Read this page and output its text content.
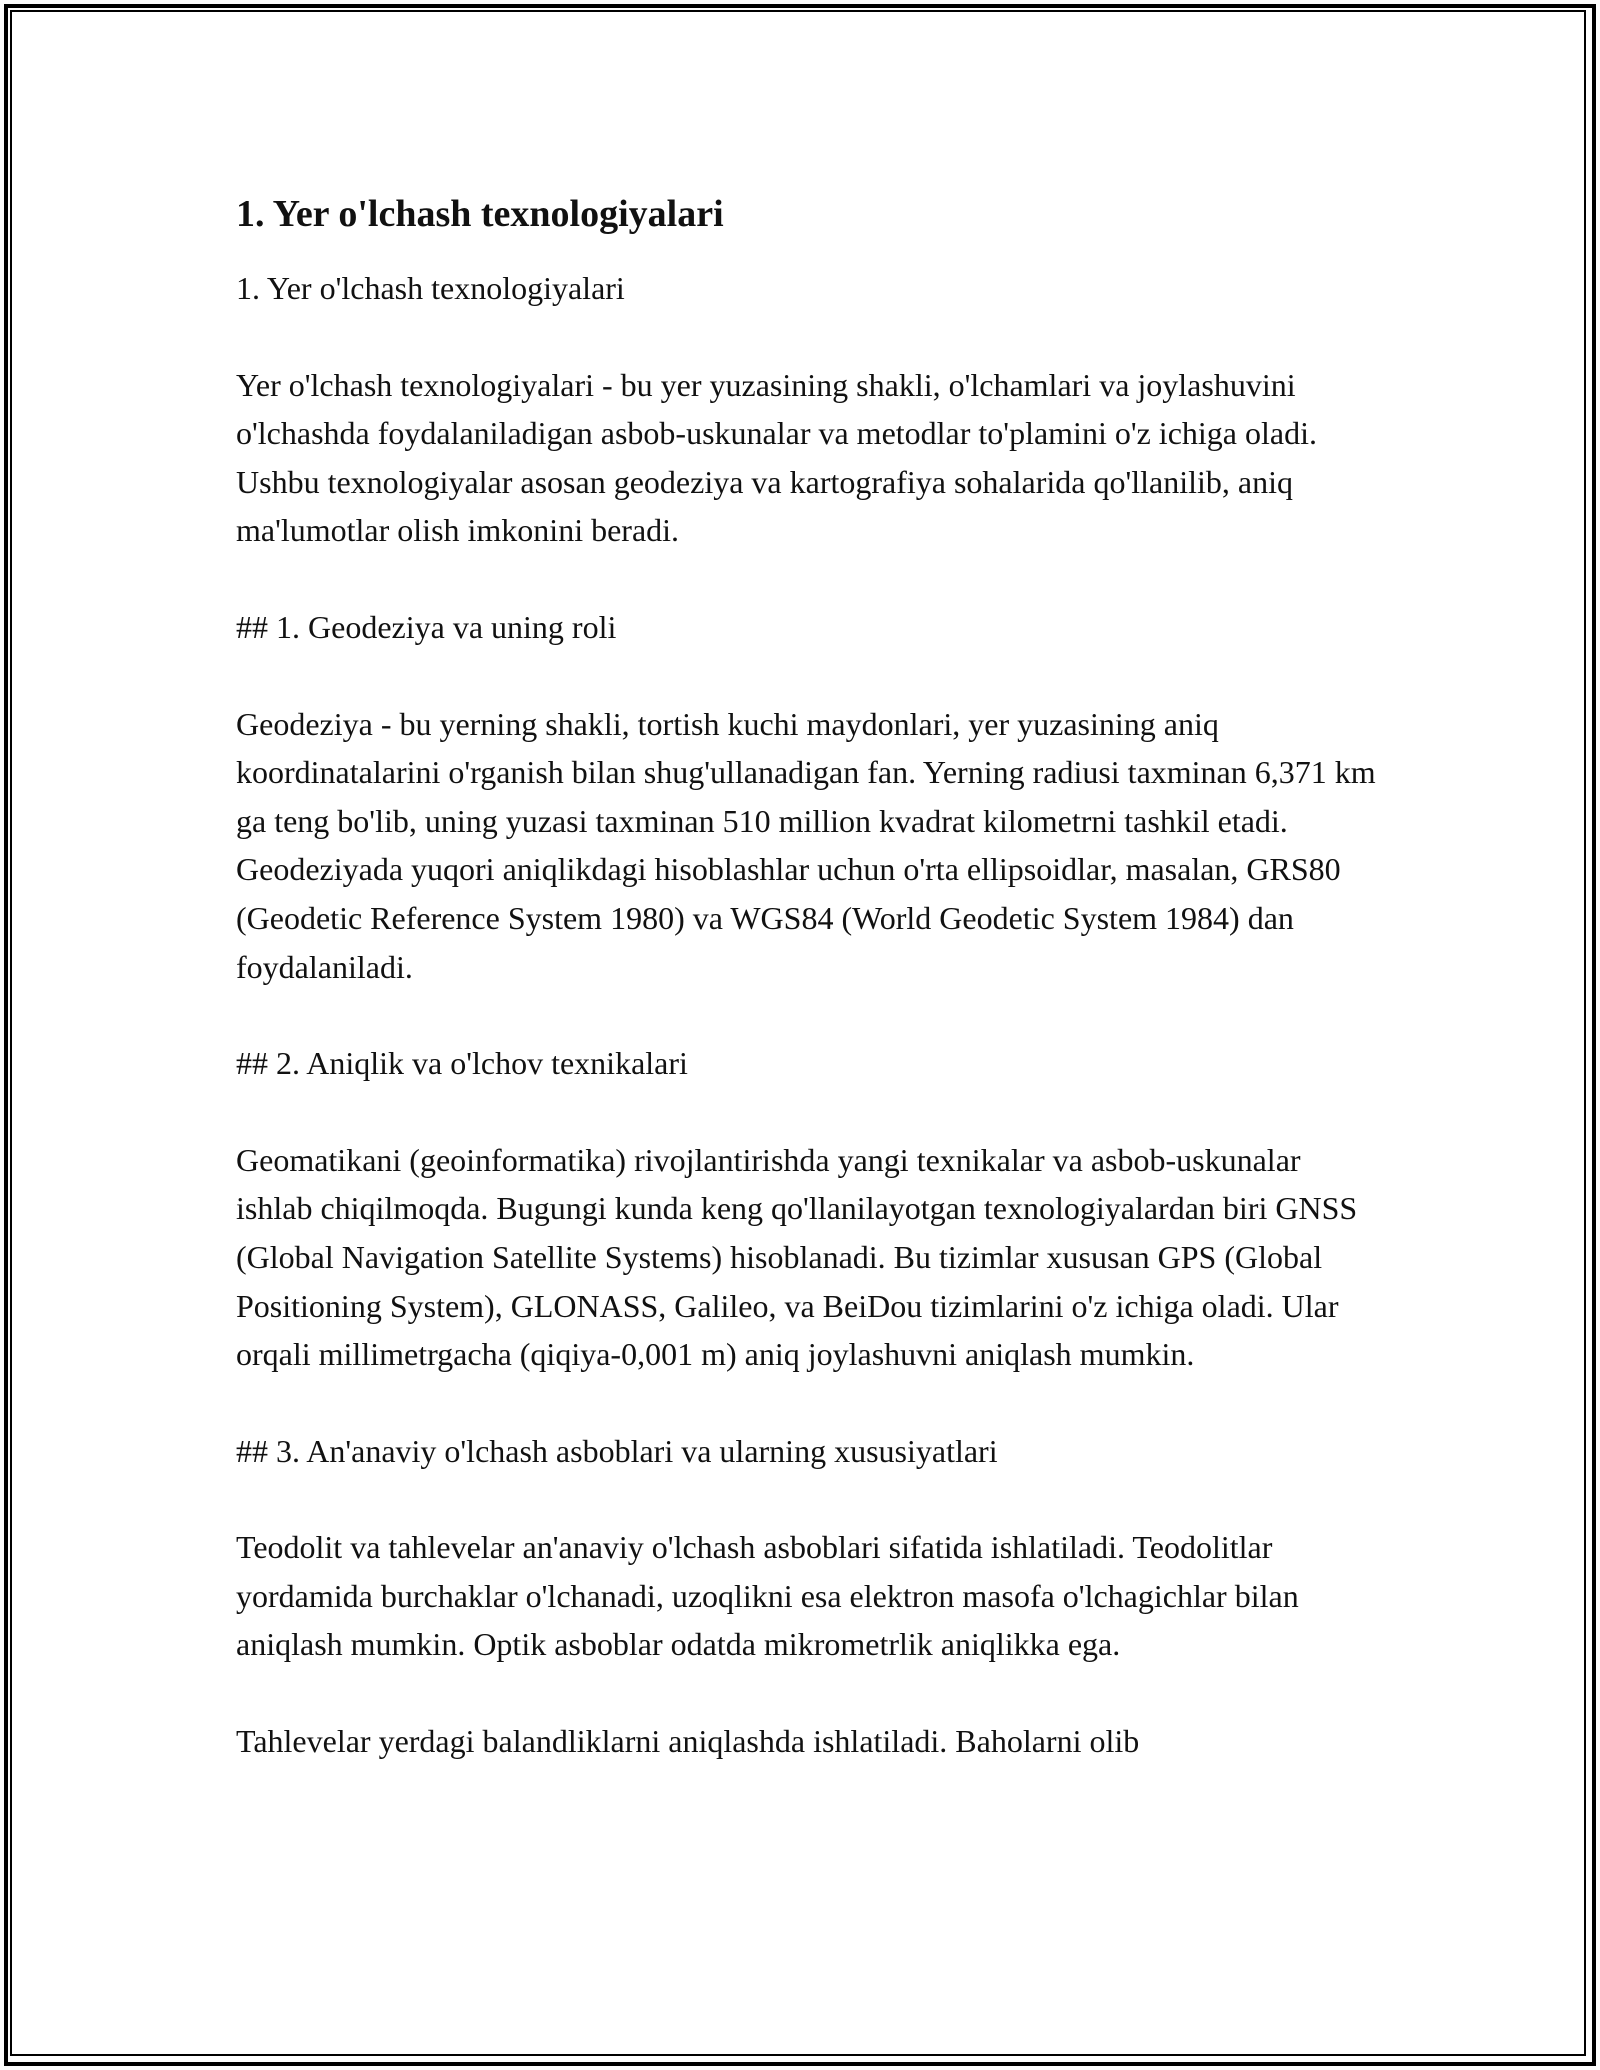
1. Yer o'lchash texnologiyalari

1. Yer o'lchash texnologiyalari

Yer o'lchash texnologiyalari - bu yer yuzasining shakli, o'lchamlari va joylashuvini o'lchashda foydalaniladigan asbob-uskunalar va metodlar to'plamini o'z ichiga oladi. Ushbu texnologiyalar asosan geodeziya va kartografiya sohalarida qo'llanilib, aniq ma'lumotlar olish imkonini beradi.

## 1. Geodeziya va uning roli

Geodeziya - bu yerning shakli, tortish kuchi maydonlari, yer yuzasining aniq koordinatalarini o'rganish bilan shug'ullanadigan fan. Yerning radiusi taxminan 6,371 km ga teng bo'lib, uning yuzasi taxminan 510 million kvadrat kilometrni tashkil etadi. Geodeziyada yuqori aniqlikdagi hisoblashlar uchun o'rta ellipsoidlar, masalan, GRS80 (Geodetic Reference System 1980) va WGS84 (World Geodetic System 1984) dan foydalaniladi.

## 2. Aniqlik va o'lchov texnikalari

Geomatikani (geoinformatika) rivojlantirishda yangi texnikalar va asbob-uskunalar ishlab chiqilmoqda. Bugungi kunda keng qo'llanilayotgan texnologiyalardan biri GNSS (Global Navigation Satellite Systems) hisoblanadi. Bu tizimlar xususan GPS (Global Positioning System), GLONASS, Galileo, va BeiDou tizimlarini o'z ichiga oladi. Ular orqali millimetrgacha (qiqiya-0,001 m) aniq joylashuvni aniqlash mumkin.

## 3. An'anaviy o'lchash asboblari va ularning xususiyatlari

Teodolit va tahlevelar an'anaviy o'lchash asboblari sifatida ishlatiladi. Teodolitlar yordamida burchaklar o'lchanadi, uzoqlikni esa elektron masofa o'lchagichlar bilan aniqlash mumkin. Optik asboblar odatda mikrometrlik aniqlikka ega.

Tahlevelar yerdagi balandliklarni aniqlashda ishlatiladi. Baholarni olib
